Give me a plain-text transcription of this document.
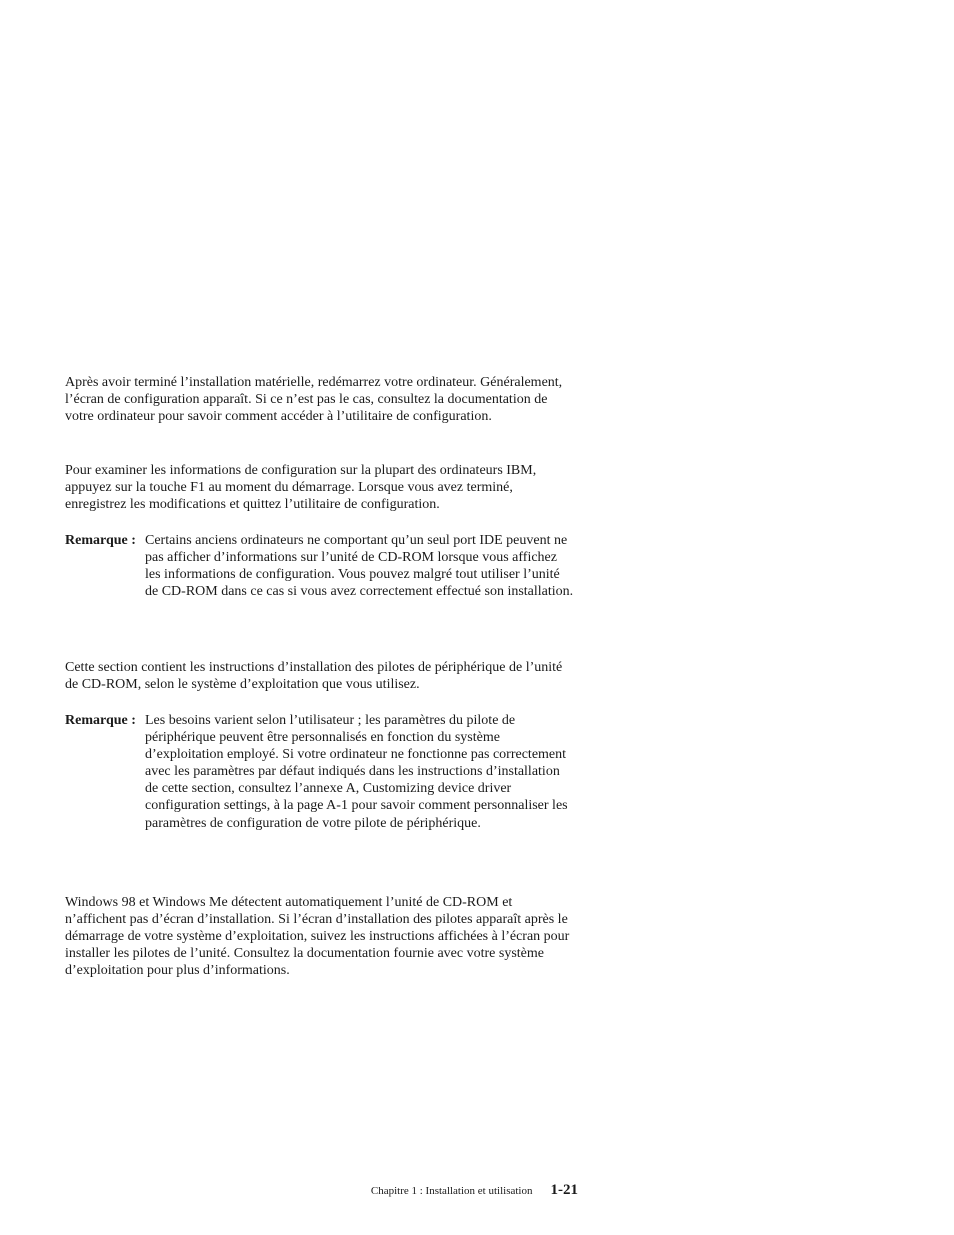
Après avoir terminé l’installation matérielle, redémarrez votre ordinateur. Généralement, l’écran de configuration apparaît. Si ce n’est pas le cas, consultez la documentation de votre ordinateur pour savoir comment accéder à l’utilitaire de configuration.

Pour examiner les informations de configuration sur la plupart des ordinateurs IBM, appuyez sur la touche F1 au moment du démarrage. Lorsque vous avez terminé, enregistrez les modifications et quittez l’utilitaire de configuration.

Remarque : Certains anciens ordinateurs ne comportant qu’un seul port IDE peuvent ne pas afficher d’informations sur l’unité de CD-ROM lorsque vous affichez les informations de configuration. Vous pouvez malgré tout utiliser l’unité de CD-ROM dans ce cas si vous avez correctement effectué son installation.

Cette section contient les instructions d’installation des pilotes de périphérique de l’unité de CD-ROM, selon le système d’exploitation que vous utilisez.

Remarque : Les besoins varient selon l’utilisateur ; les paramètres du pilote de périphérique peuvent être personnalisés en fonction du système d’exploitation employé. Si votre ordinateur ne fonctionne pas correctement avec les paramètres par défaut indiqués dans les instructions d’installation de cette section, consultez l’annexe A, Customizing device driver configuration settings, à la page A-1 pour savoir comment personnaliser les paramètres de configuration de votre pilote de périphérique.

Windows 98 et Windows Me détectent automatiquement l’unité de CD-ROM et n’affichent pas d’écran d’installation. Si l’écran d’installation des pilotes apparaît après le démarrage de votre système d’exploitation, suivez les instructions affichées à l’écran pour installer les pilotes de l’unité. Consultez la documentation fournie avec votre système d’exploitation pour plus d’informations.

Chapitre 1 : Installation et utilisation 1-21
